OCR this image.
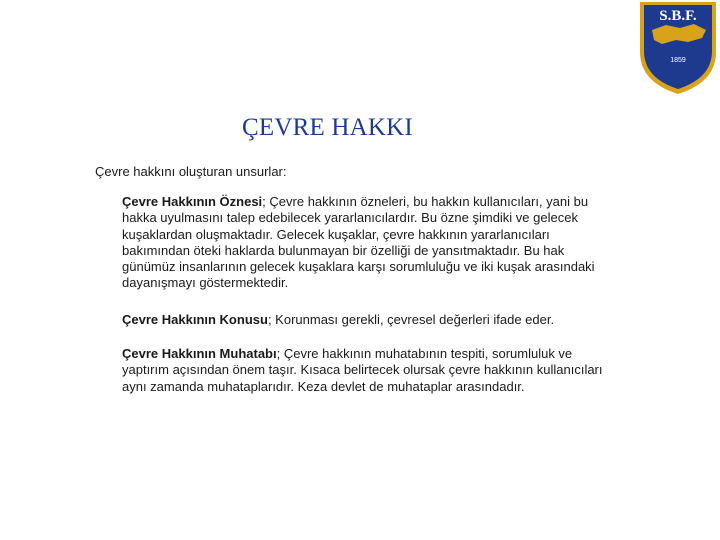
S.B.F.
1859
ÇEVRE HAKKI
Çevre hakkını oluşturan unsurlar:
Çevre Hakkının Öznesi; Çevre hakkının özneleri, bu hakkın kullanıcıları, yani bu hakka uyulmasını talep edebilecek yararlanıcılardır. Bu özne şimdiki ve gelecek kuşaklardan oluşmaktadır. Gelecek kuşaklar, çevre hakkının yararlanıcıları bakımından öteki haklarda bulunmayan bir özelliği de yansıtmaktadır. Bu hak günümüz insanlarının gelecek kuşaklara karşı sorumluluğu ve iki kuşak arasındaki dayanışmayı göstermektedir.
Çevre Hakkının Konusu; Korunması gerekli, çevresel değerleri ifade eder.
Çevre Hakkının Muhatabı; Çevre hakkının muhatabının tespiti, sorumluluk ve yaptırım açısından önem taşır. Kısaca belirtecek olursak çevre hakkının kullanıcıları aynı zamanda muhataplarıdır. Keza devlet de muhataplar arasındadır.
